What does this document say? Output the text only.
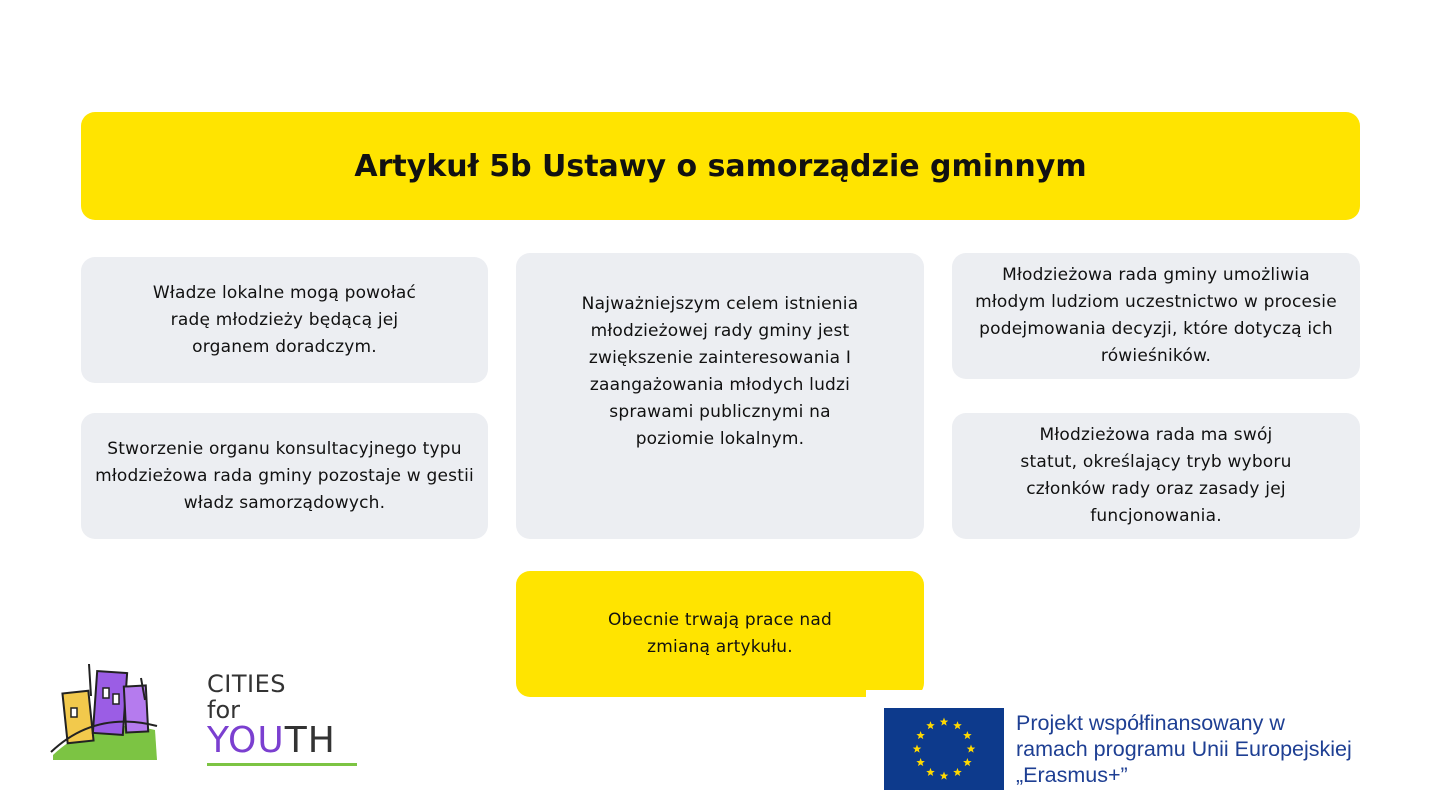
Artykuł 5b Ustawy o samorządzie gminnym
Władze lokalne mogą powołać
radę młodzieży będącą jej
organem doradczym.
Stworzenie organu konsultacyjnego typu
młodzieżowa rada gminy pozostaje w gestii
władz samorządowych.
Najważniejszym celem istnienia
młodzieżowej rady gminy jest
zwiększenie zainteresowania I
zaangażowania młodych ludzi
sprawami publicznymi na
poziomie lokalnym.
Młodzieżowa rada gminy umożliwia
młodym ludziom uczestnictwo w procesie
podejmowania decyzji, które dotyczą ich
rówieśników.
Młodzieżowa rada ma swój
statut, określający tryb wyboru
członków rady oraz zasady jej
funcjonowania.
Obecnie trwają prace nad
zmianą artykułu.
CITIES
for
YOUTH	Projekt współfinansowany w
ramach programu Unii Europejskiej
„Erasmus+”
